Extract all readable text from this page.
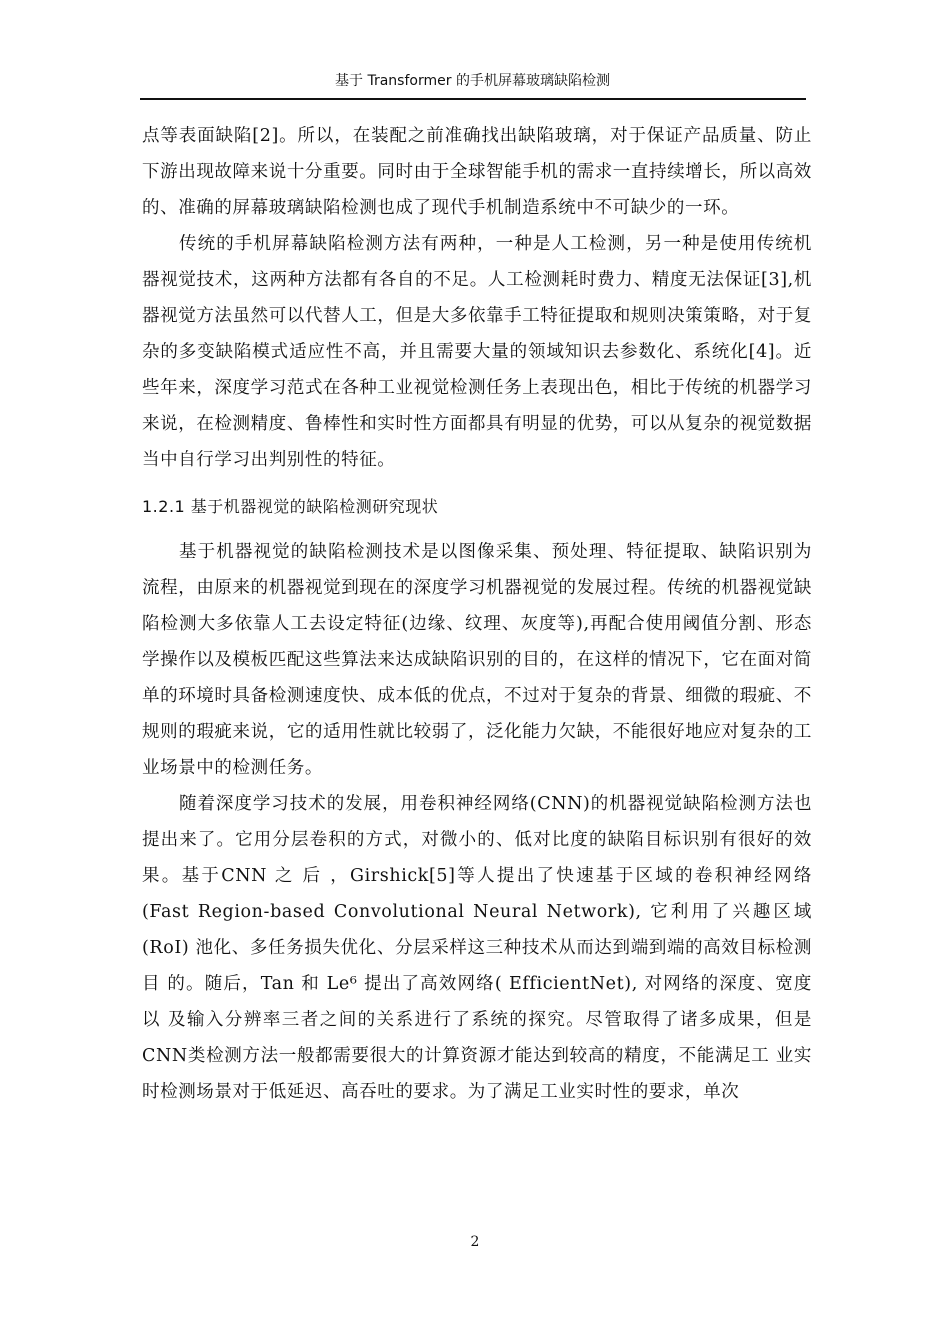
基于 Transformer 的手机屏幕玻璃缺陷检测

点等表面缺陷[2]。所以，在装配之前准确找出缺陷玻璃，对于保证产品质量、防止下游出现故障来说十分重要。同时由于全球智能手机的需求一直持续增长，所以高效的、准确的屏幕玻璃缺陷检测也成了现代手机制造系统中不可缺少的一环。

传统的手机屏幕缺陷检测方法有两种，一种是人工检测，另一种是使用传统机器视觉技术，这两种方法都有各自的不足。人工检测耗时费力、精度无法保证[3],机器视觉方法虽然可以代替人工，但是大多依靠手工特征提取和规则决策策略，对于复杂的多变缺陷模式适应性不高，并且需要大量的领域知识去参数化、系统化[4]。近些年来，深度学习范式在各种工业视觉检测任务上表现出色，相比于传统的机器学习来说，在检测精度、鲁棒性和实时性方面都具有明显的优势，可以从复杂的视觉数据当中自行学习出判别性的特征。

1.2.1 基于机器视觉的缺陷检测研究现状

基于机器视觉的缺陷检测技术是以图像采集、预处理、特征提取、缺陷识别为流程，由原来的机器视觉到现在的深度学习机器视觉的发展过程。传统的机器视觉缺陷检测大多依靠人工去设定特征(边缘、纹理、灰度等),再配合使用阈值分割、形态学操作以及模板匹配这些算法来达成缺陷识别的目的，在这样的情况下，它在面对简单的环境时具备检测速度快、成本低的优点，不过对于复杂的背景、细微的瑕疵、不规则的瑕疵来说，它的适用性就比较弱了，泛化能力欠缺，不能很好地应对复杂的工业场景中的检测任务。

随着深度学习技术的发展，用卷积神经网络(CNN)的机器视觉缺陷检测方法也提出来了。它用分层卷积的方式，对微小的、低对比度的缺陷目标识别有很好的效果。基于CNN 之 后 ，Girshick[5]等人提出了快速基于区域的卷积神经网络 (Fast Region-based Convolutional Neural Network), 它利用了兴趣区域(RoI) 池化、多任务损失优化、分层采样这三种技术从而达到端到端的高效目标检测目 的。随后，Tan 和 Le⁶ 提出了高效网络( EfficientNet), 对网络的深度、宽度以 及输入分辨率三者之间的关系进行了系统的探究。尽管取得了诸多成果，但是 CNN类检测方法一般都需要很大的计算资源才能达到较高的精度，不能满足工 业实时检测场景对于低延迟、高吞吐的要求。为了满足工业实时性的要求，单次

2
